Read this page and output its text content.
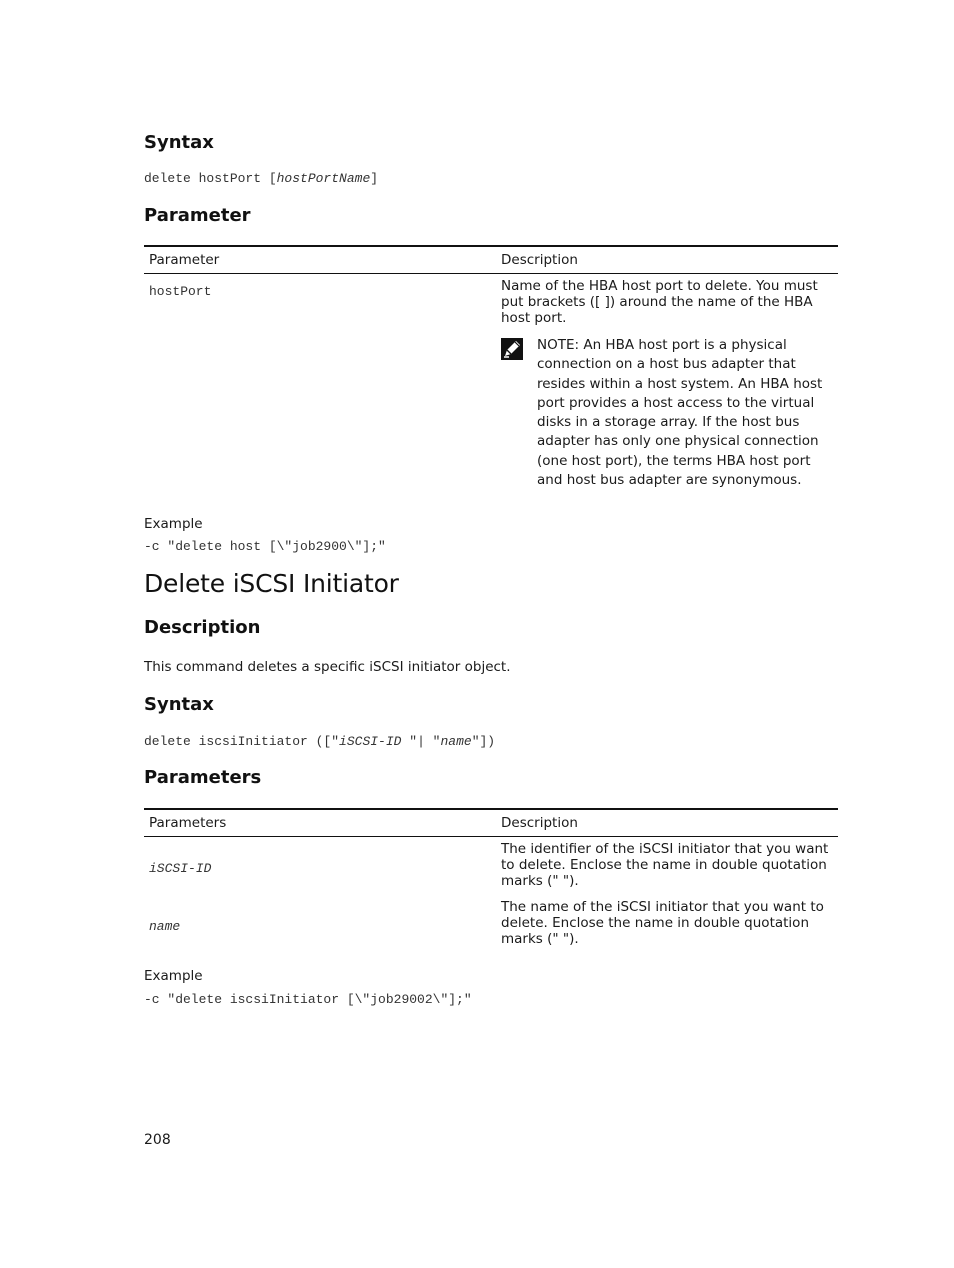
Syntax
delete hostPort [hostPortName]
Parameter
Parameter	Description
hostPort	Name of the HBA host port to delete. You must put brackets ([ ]) around the name of the HBA host port.
NOTE: An HBA host port is a physical connection on a host bus adapter that resides within a host system. An HBA host port provides a host access to the virtual disks in a storage array. If the host bus adapter has only one physical connection (one host port), the terms HBA host port and host bus adapter are synonymous.
Example
-c "delete host [\"job2900\"];"
Delete iSCSI Initiator
Description
This command deletes a specific iSCSI initiator object.
Syntax
delete iscsiInitiator (["iSCSI-ID "| "name"])
Parameters
Parameters	Description
iSCSI-ID	The identifier of the iSCSI initiator that you want to delete. Enclose the name in double quotation marks (" ").

name	The name of the iSCSI initiator that you want to delete. Enclose the name in double quotation marks (" ").
Example
-c "delete iscsiInitiator [\"job29002\"];"
208
